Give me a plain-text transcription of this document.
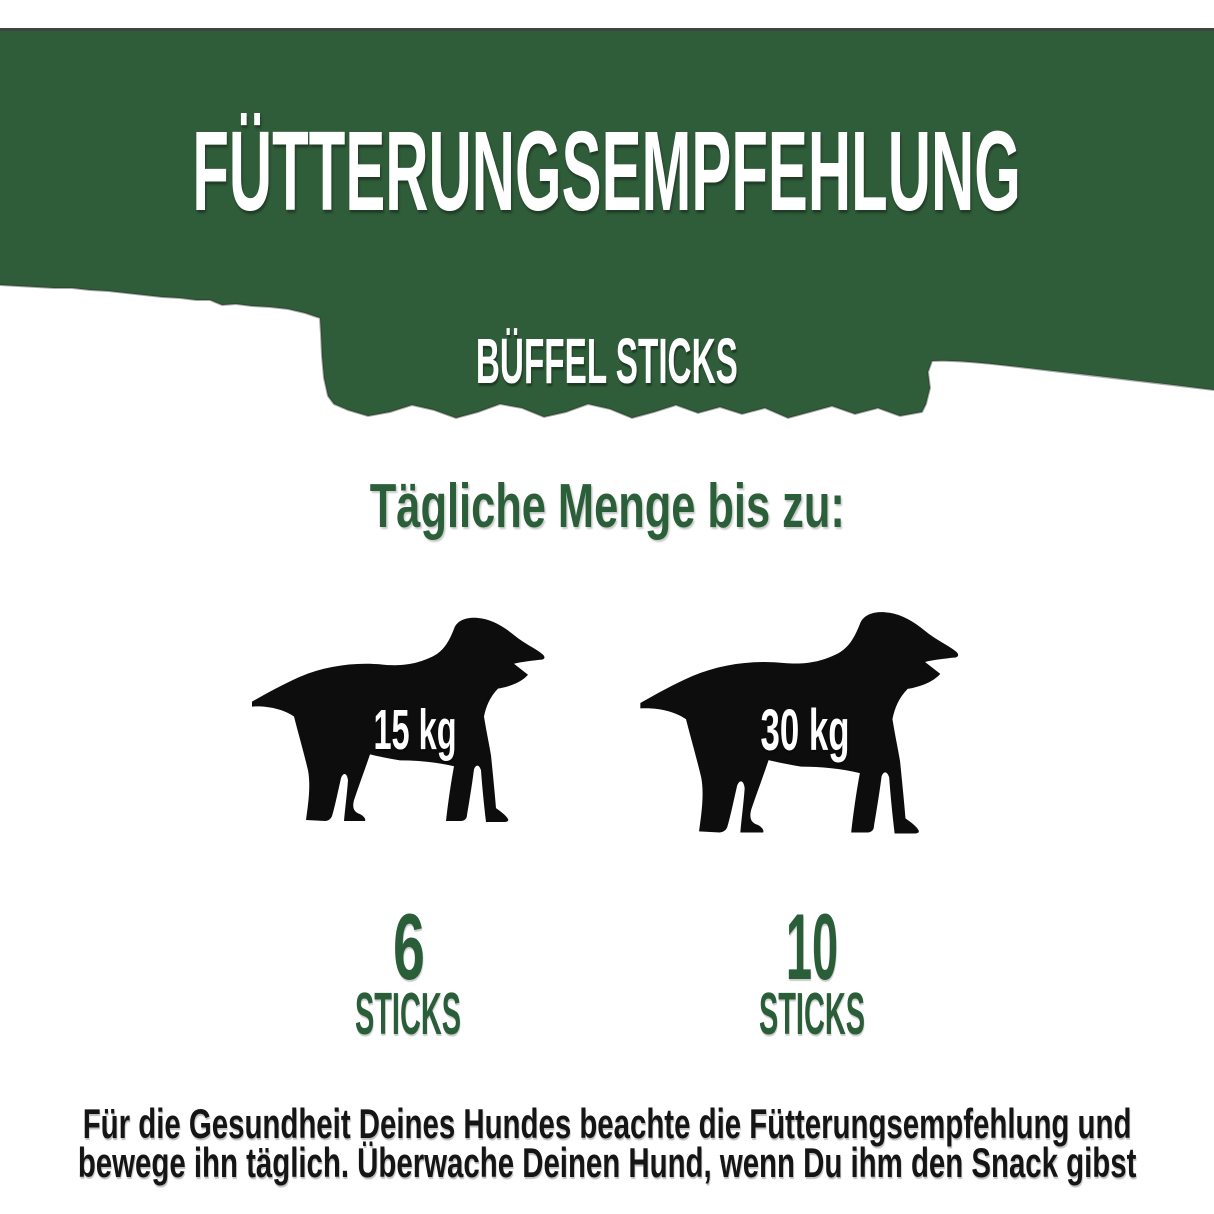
FÜTTERUNGSEMPFEHLUNG
BÜFFEL STICKS
Tägliche Menge bis zu:
15 kg	30 kg
6
STICKS
10
STICKS
Für die Gesundheit Deines Hundes beachte die Fütterungsempfehlung und
bewege ihn täglich. Überwache Deinen Hund, wenn Du ihm den Snack gibst
